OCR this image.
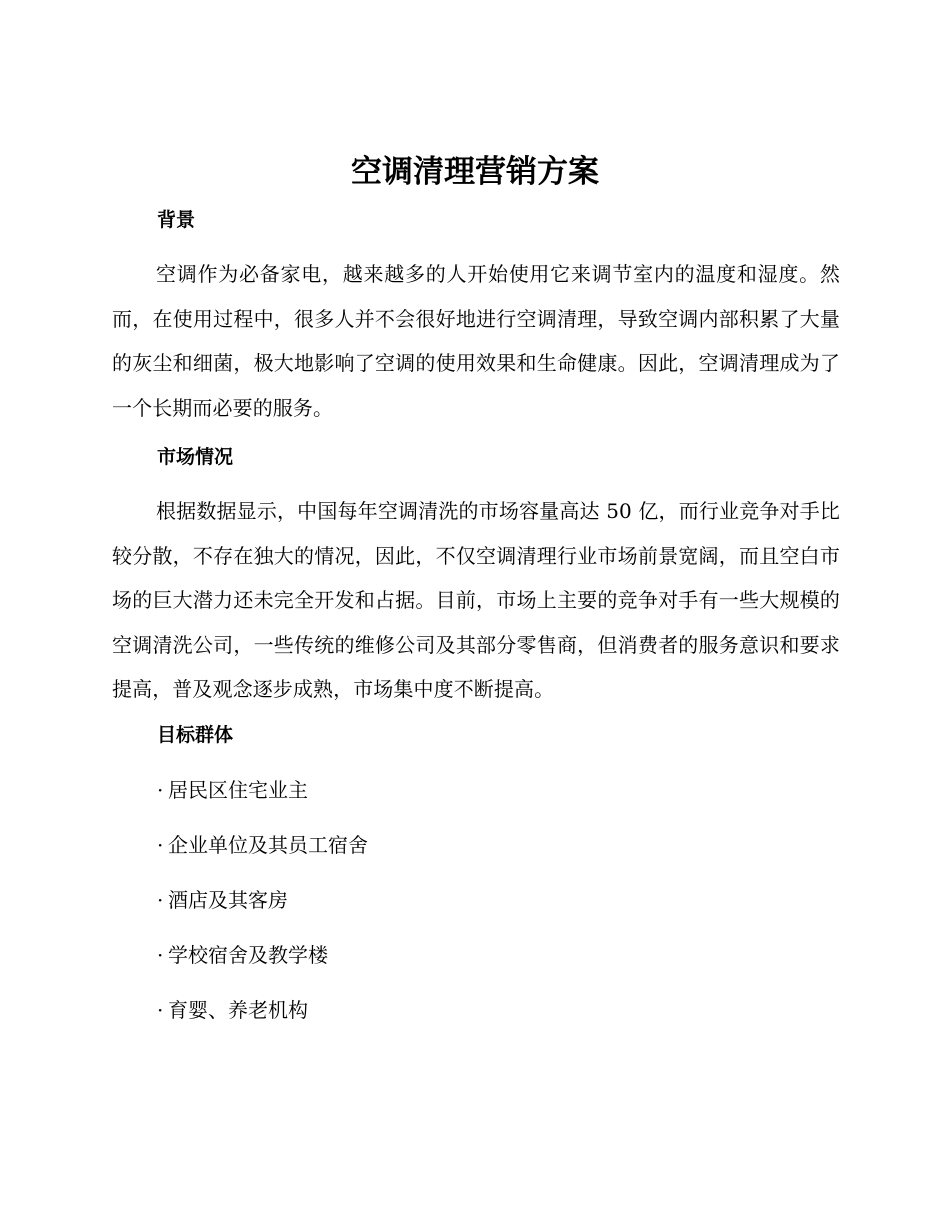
空调清理营销方案
背景

空调作为必备家电，越来越多的人开始使用它来调节室内的温度和湿度。然而，在使用过程中，很多人并不会很好地进行空调清理，导致空调内部积累了大量的灰尘和细菌，极大地影响了空调的使用效果和生命健康。因此，空调清理成为了一个长期而必要的服务。

市场情况

根据数据显示，中国每年空调清洗的市场容量高达 50 亿，而行业竞争对手比较分散，不存在独大的情况，因此，不仅空调清理行业市场前景宽阔，而且空白市场的巨大潜力还未完全开发和占据。目前，市场上主要的竞争对手有一些大规模的空调清洗公司，一些传统的维修公司及其部分零售商，但消费者的服务意识和要求提高，普及观念逐步成熟，市场集中度不断提高。

目标群体
· 居民区住宅业主
· 企业单位及其员工宿舍
· 酒店及其客房
· 学校宿舍及教学楼
· 育婴、养老机构
